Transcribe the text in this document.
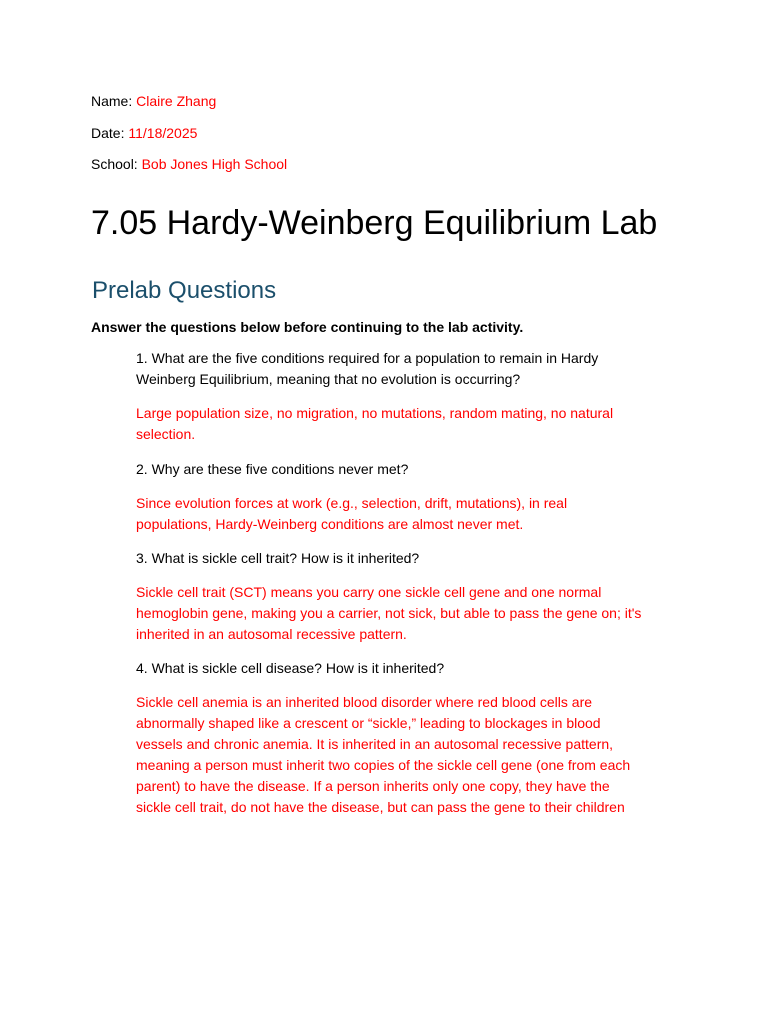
Name: Claire Zhang
Date: 11/18/2025
School: Bob Jones High School
7.05 Hardy-Weinberg Equilibrium Lab
Prelab Questions
Answer the questions below before continuing to the lab activity.
1. What are the five conditions required for a population to remain in Hardy Weinberg Equilibrium, meaning that no evolution is occurring?
Large population size, no migration, no mutations, random mating, no natural selection.
2. Why are these five conditions never met?
Since evolution forces at work (e.g., selection, drift, mutations), in real populations, Hardy-Weinberg conditions are almost never met.
3. What is sickle cell trait? How is it inherited?
Sickle cell trait (SCT) means you carry one sickle cell gene and one normal hemoglobin gene, making you a carrier, not sick, but able to pass the gene on; it's inherited in an autosomal recessive pattern.
4. What is sickle cell disease? How is it inherited?
Sickle cell anemia is an inherited blood disorder where red blood cells are abnormally shaped like a crescent or “sickle,” leading to blockages in blood vessels and chronic anemia. It is inherited in an autosomal recessive pattern, meaning a person must inherit two copies of the sickle cell gene (one from each parent) to have the disease. If a person inherits only one copy, they have the sickle cell trait, do not have the disease, but can pass the gene to their children
